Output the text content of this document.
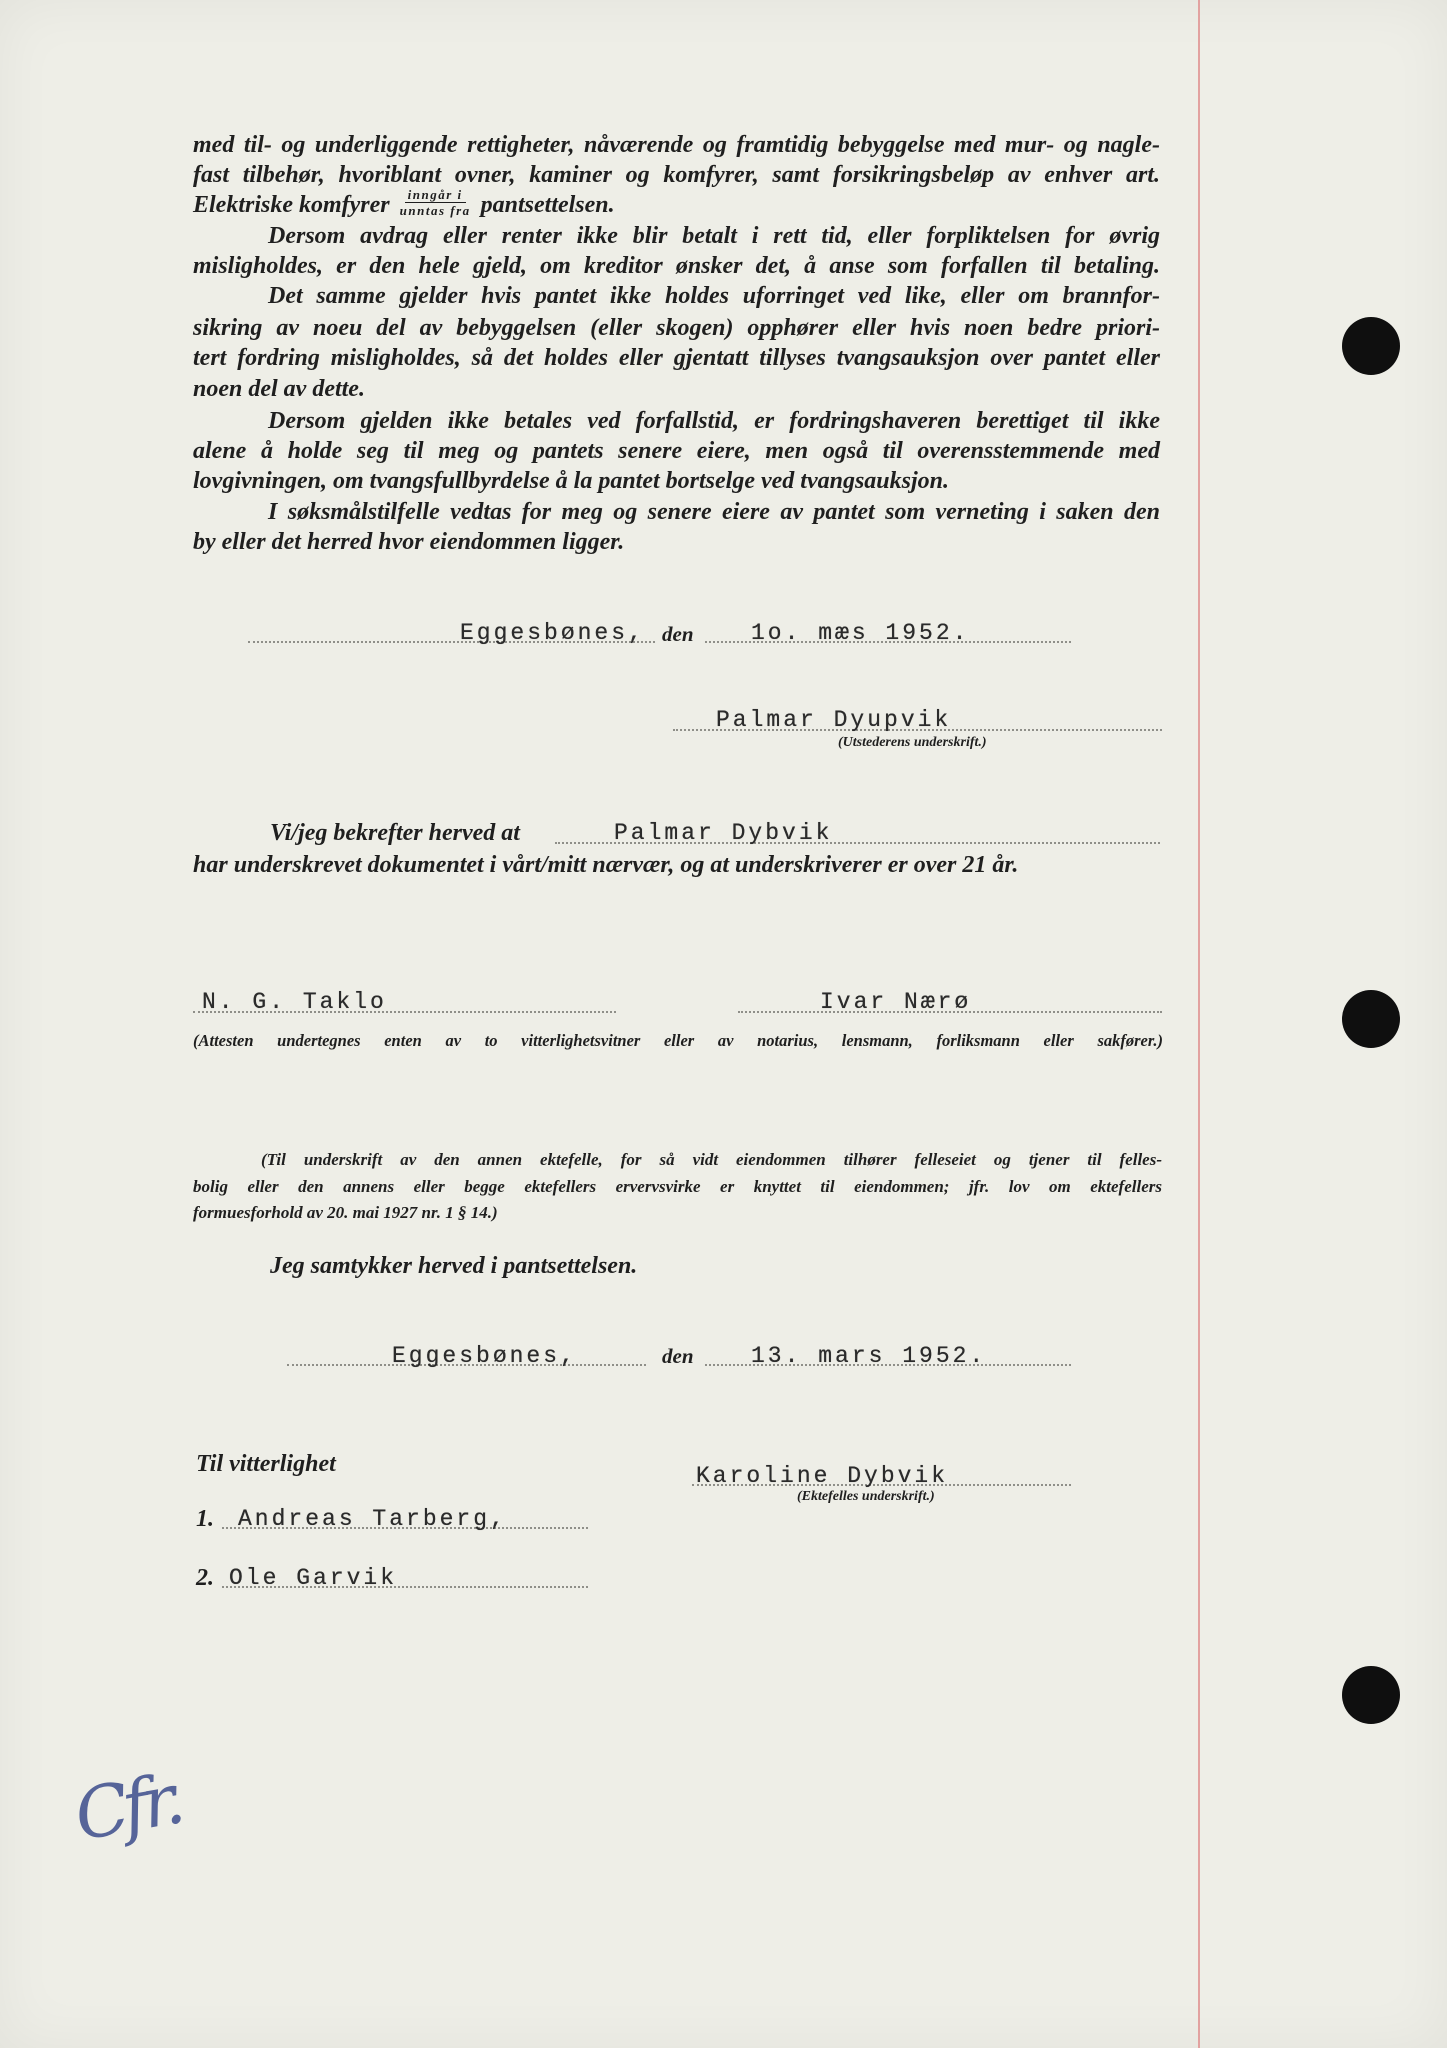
med til- og underliggende rettigheter, nåværende og framtidig bebyggelse med mur- og nagle-
fast tilbehør, hvoriblant ovner, kaminer og komfyrer, samt forsikringsbeløp av enhver art.
Elektriske komfyrer $\frac{\text{inngår i}}{\text{unntas fra}}$ pantsettelsen.
Dersom avdrag eller renter ikke blir betalt i rett tid, eller forpliktelsen for øvrig
misligholdes, er den hele gjeld, om kreditor ønsker det, å anse som forfallen til betaling.
Det samme gjelder hvis pantet ikke holdes uforringet ved like, eller om brannfor-
sikring av noeu del av bebyggelsen (eller skogen) opphører eller hvis noen bedre priori-
tert fordring misligholdes, så det holdes eller gjentatt tillyses tvangsauksjon over pantet eller
noen del av dette.
Dersom gjelden ikke betales ved forfallstid, er fordringshaveren berettiget til ikke
alene å holde seg til meg og pantets senere eiere, men også til overensstemmende med
lovgivningen, om tvangsfullbyrdelse å la pantet bortselge ved tvangsauksjon.
I søksmålstilfelle vedtas for meg og senere eiere av pantet som verneting i saken den
by eller det herred hvor eiendommen ligger.
Eggesbønes, den	1o. mæs 1952.
Palmar Dyupvik
(Utstederens underskrift.)
Vi/jeg bekrefter herved at	Palmar Dybvik
har underskrevet dokumentet i vårt/mitt nærvær, og at underskriverer er over 21 år.
N. G. Taklo	Ivar Nærø
(Attesten undertegnes enten av to vitterlighetsvitner eller av notarius, lensmann, forliksmann eller sakfører.)
(Til underskrift av den annen ektefelle, for så vidt eiendommen tilhører felleseiet og tjener til felles-
bolig eller den annens eller begge ektefellers ervervsvirke er knyttet til eiendommen; jfr. lov om ektefellers
formuesforhold av 20. mai 1927 nr. 1 § 14.)
Jeg samtykker herved i pantsettelsen.
Eggesbønes,	den	13. mars 1952.
Til vitterlighet	Karoline Dybvik
(Ektefelles underskrift.)
1. Andreas Tarberg,
2. Ole Garvik
Cfr.
